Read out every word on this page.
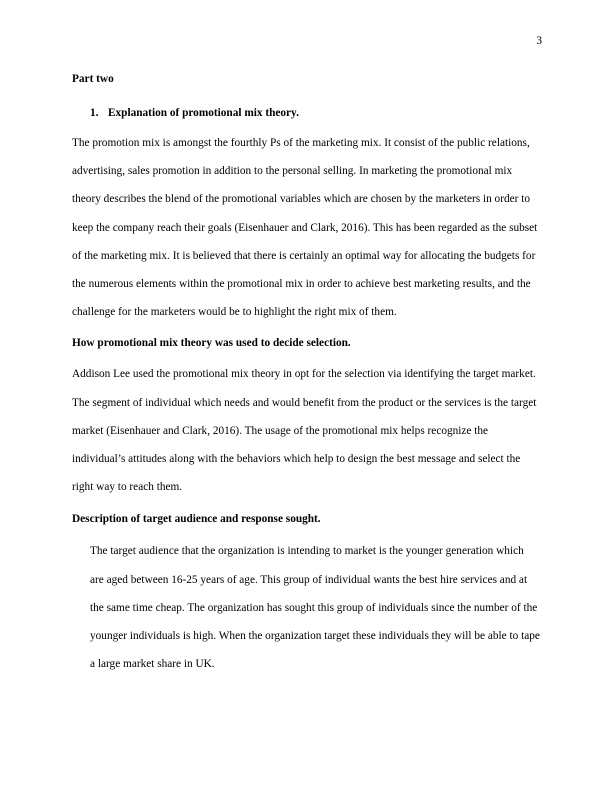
3

Part two

1. Explanation of promotional mix theory.

The promotion mix is amongst the fourthly Ps of the marketing mix. It consist of the public relations, advertising, sales promotion in addition to the personal selling. In marketing the promotional mix theory describes the blend of the promotional variables which are chosen by the marketers in order to keep the company reach their goals (Eisenhauer and Clark, 2016). This has been regarded as the subset of the marketing mix. It is believed that there is certainly an optimal way for allocating the budgets for the numerous elements within the promotional mix in order to achieve best marketing results, and the challenge for the marketers would be to highlight the right mix of them.

How promotional mix theory was used to decide selection.

Addison Lee used the promotional mix theory in opt for the selection via identifying the target market. The segment of individual which needs and would benefit from the product or the services is the target market (Eisenhauer and Clark, 2016). The usage of the promotional mix helps recognize the individual’s attitudes along with the behaviors which help to design the best message and select the right way to reach them.

Description of target audience and response sought.

The target audience that the organization is intending to market is the younger generation which are aged between 16-25 years of age. This group of individual wants the best hire services and at the same time cheap. The organization has sought this group of individuals since the number of the younger individuals is high. When the organization target these individuals they will be able to tape a large market share in UK.
